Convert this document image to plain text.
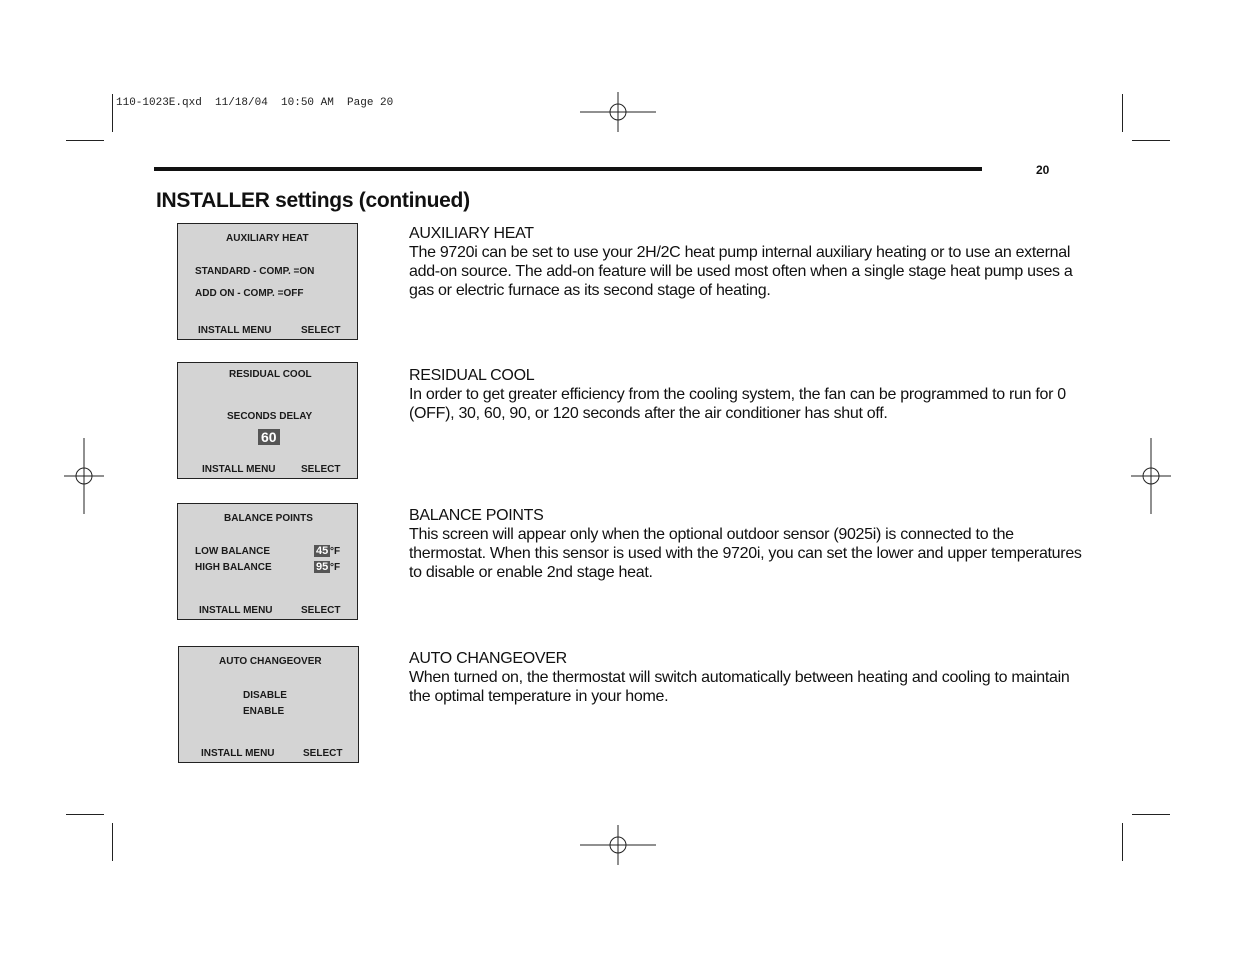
110-1023E.qxd  11/18/04  10:50 AM  Page 20
20
INSTALLER settings (continued)
AUXILIARY HEAT
STANDARD - COMP. =ON
ADD ON - COMP. =OFF
INSTALL MENU	SELECT
RESIDUAL COOL
SECONDS DELAY
60
INSTALL MENU	SELECT
BALANCE POINTS
LOW BALANCE	45 °F
HIGH BALANCE	95 °F
INSTALL MENU	SELECT
AUTO CHANGEOVER
DISABLE
ENABLE
INSTALL MENU	SELECT
AUXILIARY HEAT
The 9720i can be set to use your 2H/2C heat pump internal auxiliary heating or to use an external add-on source. The add-on feature will be used most often when a single stage heat pump uses a gas or electric furnace as its second stage of heating.
RESIDUAL COOL
In order to get greater efficiency from the cooling system, the fan can be programmed to run for 0 (OFF), 30, 60, 90, or 120 seconds after the air conditioner has shut off.
BALANCE POINTS
This screen will appear only when the optional outdoor sensor (9025i) is connected to the thermostat. When this sensor is used with the 9720i, you can set the lower and upper temperatures to disable or enable 2nd stage heat.
AUTO CHANGEOVER
When turned on, the thermostat will switch automatically between heating and cooling to maintain the optimal temperature in your home.
